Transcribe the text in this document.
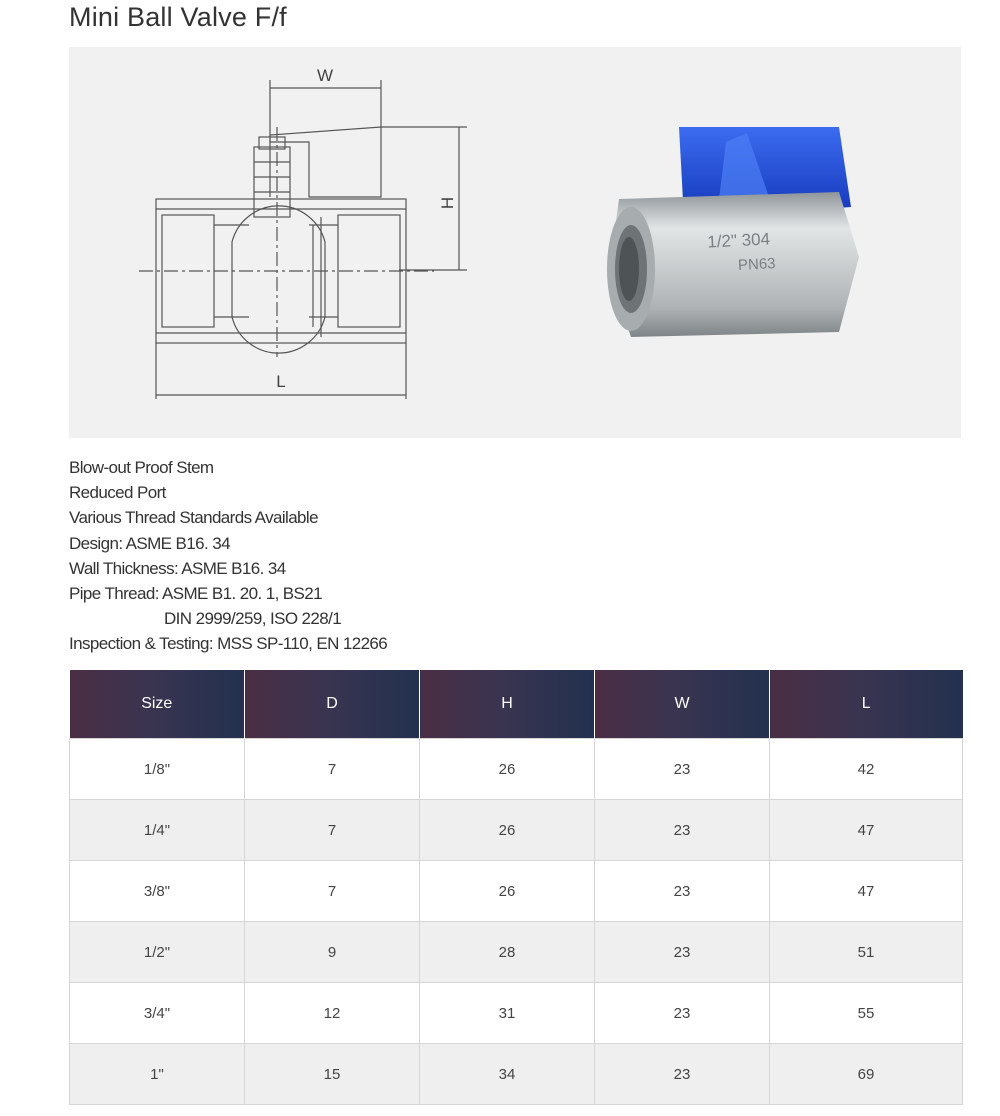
Mini Ball Valve F/f
W
H
L
1/2" 304
PN63
Blow-out Proof Stem
Reduced Port
Various Thread Standards Available
Design: ASME B16. 34
Wall Thickness: ASME B16. 34
Pipe Thread: ASME B1. 20. 1, BS21
DIN 2999/259, ISO 228/1
Inspection & Testing: MSS SP-110, EN 12266
Size	D	H	W	L
1/8"	7	26	23	42
1/4"	7	26	23	47
3/8"	7	26	23	47
1/2"	9	28	23	51
3/4"	12	31	23	55
1"	15	34	23	69
